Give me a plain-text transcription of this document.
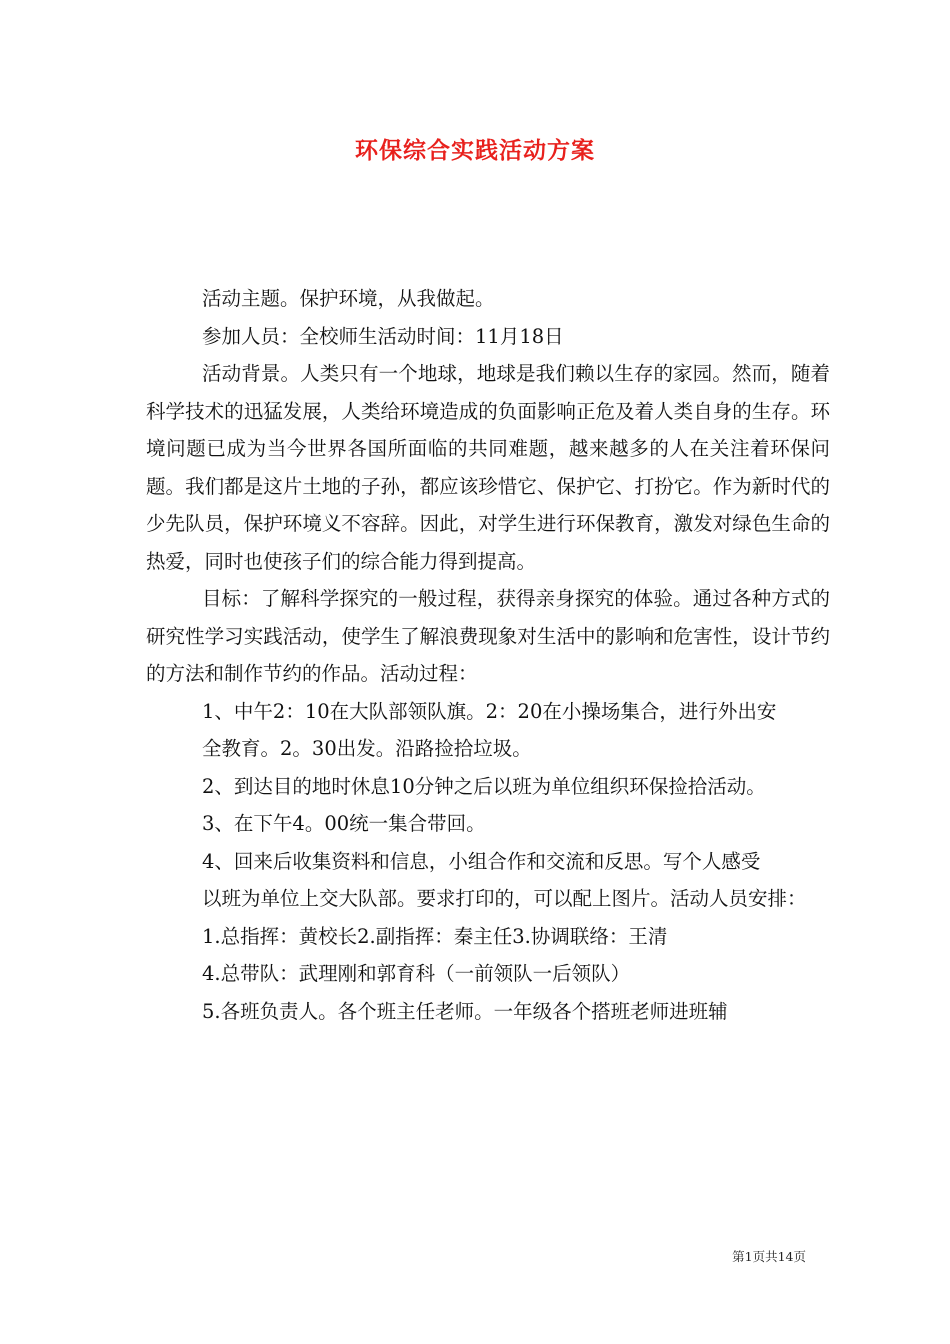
环保综合实践活动方案

活动主题。保护环境，从我做起。

参加人员：全校师生活动时间：11月18日

活动背景。人类只有一个地球，地球是我们赖以生存的家园。然而，随着科学技术的迅猛发展，人类给环境造成的负面影响正危及着人类自身的生存。环境问题已成为当今世界各国所面临的共同难题，越来越多的人在关注着环保问题。我们都是这片土地的子孙，都应该珍惜它、保护它、打扮它。作为新时代的少先队员，保护环境义不容辞。因此，对学生进行环保教育，激发对绿色生命的热爱，同时也使孩子们的综合能力得到提高。

目标：了解科学探究的一般过程，获得亲身探究的体验。通过各种方式的研究性学习实践活动，使学生了解浪费现象对生活中的影响和危害性，设计节约的方法和制作节约的作品。活动过程：

1、中午2：10在大队部领队旗。2：20在小操场集合，进行外出安

全教育。2。30出发。沿路捡拾垃圾。

2、到达目的地时休息10分钟之后以班为单位组织环保捡拾活动。

3、在下午4。00统一集合带回。

4、回来后收集资料和信息，小组合作和交流和反思。写个人感受

以班为单位上交大队部。要求打印的，可以配上图片。活动人员安排：

1.总指挥：黄校长2.副指挥：秦主任3.协调联络：王清

4.总带队：武理刚和郭育科（一前领队一后领队）

5.各班负责人。各个班主任老师。一年级各个搭班老师进班辅

第1页共14页
